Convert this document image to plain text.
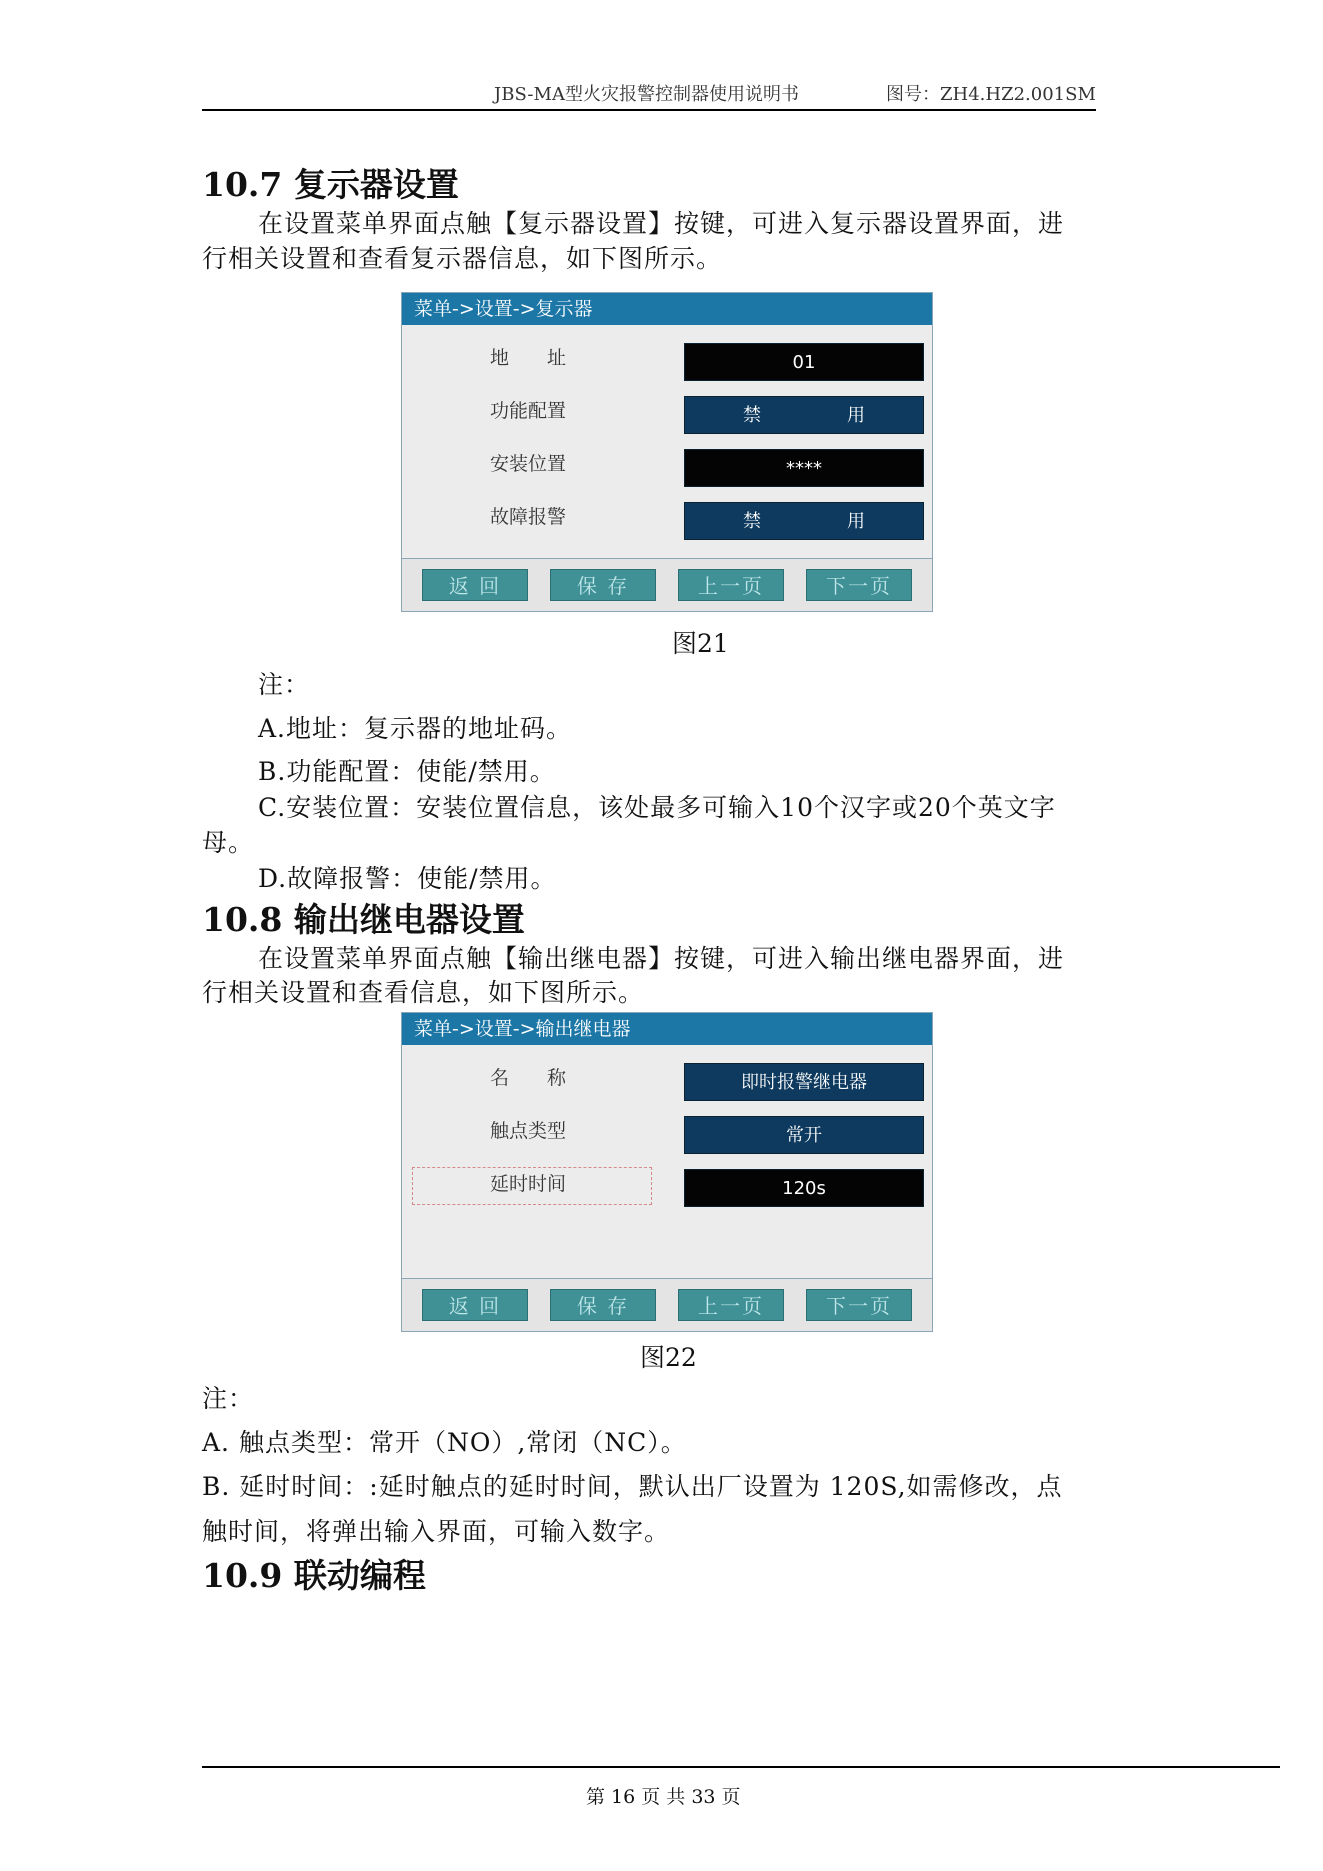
JBS-MA型火灾报警控制器使用说明书	图号：ZH4.HZ2.001SM
10.7 复示器设置
在设置菜单界面点触【复示器设置】按键，可进入复示器设置界面，进
行相关设置和查看复示器信息，如下图所示。
菜单->设置->复示器
地　　址	01
功能配置	禁	用
安装位置	****
故障报警	禁	用
返 回	保 存	上一页	下一页
图21
注：
A.地址：复示器的地址码。
B.功能配置：使能/禁用。
C.安装位置：安装位置信息，该处最多可输入10个汉字或20个英文字
母。
D.故障报警：使能/禁用。
10.8 输出继电器设置
在设置菜单界面点触【输出继电器】按键，可进入输出继电器界面，进
行相关设置和查看信息，如下图所示。
菜单->设置->输出继电器
名　　称	即时报警继电器
触点类型	常开
延时时间	120s
返 回	保 存	上一页	下一页
图22
注：
A. 触点类型：常开（NO）,常闭（NC）。
B. 延时时间：:延时触点的延时时间，默认出厂设置为 120S,如需修改，点
触时间，将弹出输入界面，可输入数字。
10.9 联动编程
第 16 页 共 33 页
